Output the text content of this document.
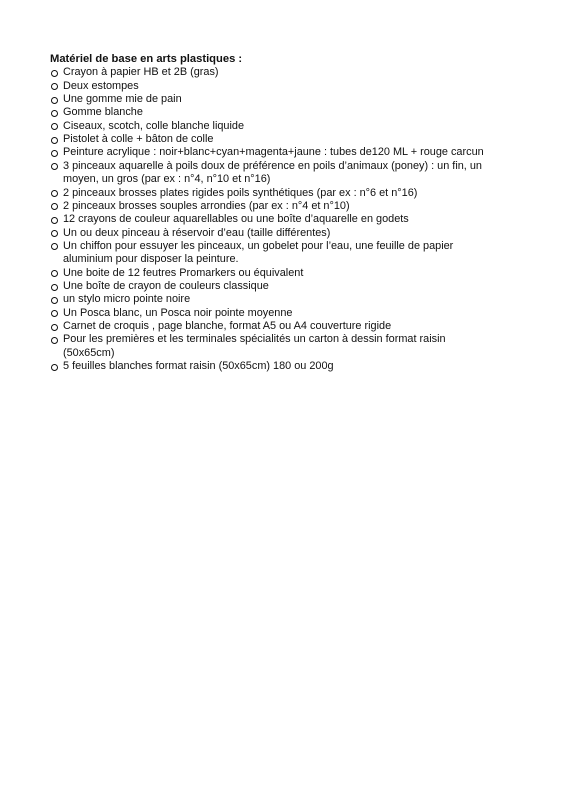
Matériel de base en arts plastiques :

Crayon à papier HB et 2B (gras)
Deux estompes
Une gomme mie de pain
Gomme blanche
Ciseaux, scotch, colle blanche liquide
Pistolet à colle + bâton de colle
Peinture acrylique : noir+blanc+cyan+magenta+jaune : tubes de120 ML + rouge carcun
3 pinceaux aquarelle à poils doux de préférence en poils d’animaux (poney) : un fin, un
moyen, un gros (par ex : n°4, n°10 et n°16)
2 pinceaux brosses plates rigides poils synthétiques (par ex : n°6 et n°16)
2 pinceaux brosses souples arrondies (par ex : n°4 et n°10)
12 crayons de couleur aquarellables ou une boîte d’aquarelle en godets
Un ou deux pinceau à réservoir d’eau (taille différentes)
Un chiffon pour essuyer les pinceaux, un gobelet pour l’eau, une feuille de papier
aluminium pour disposer la peinture.
Une boite de 12 feutres Promarkers ou équivalent
Une boîte de crayon de couleurs classique
un stylo micro pointe noire
Un Posca blanc, un Posca noir pointe moyenne
Carnet de croquis , page blanche, format A5 ou A4 couverture rigide
Pour les premières et les terminales spécialités un carton à dessin format raisin
(50x65cm)
5 feuilles blanches format raisin (50x65cm) 180 ou 200g
